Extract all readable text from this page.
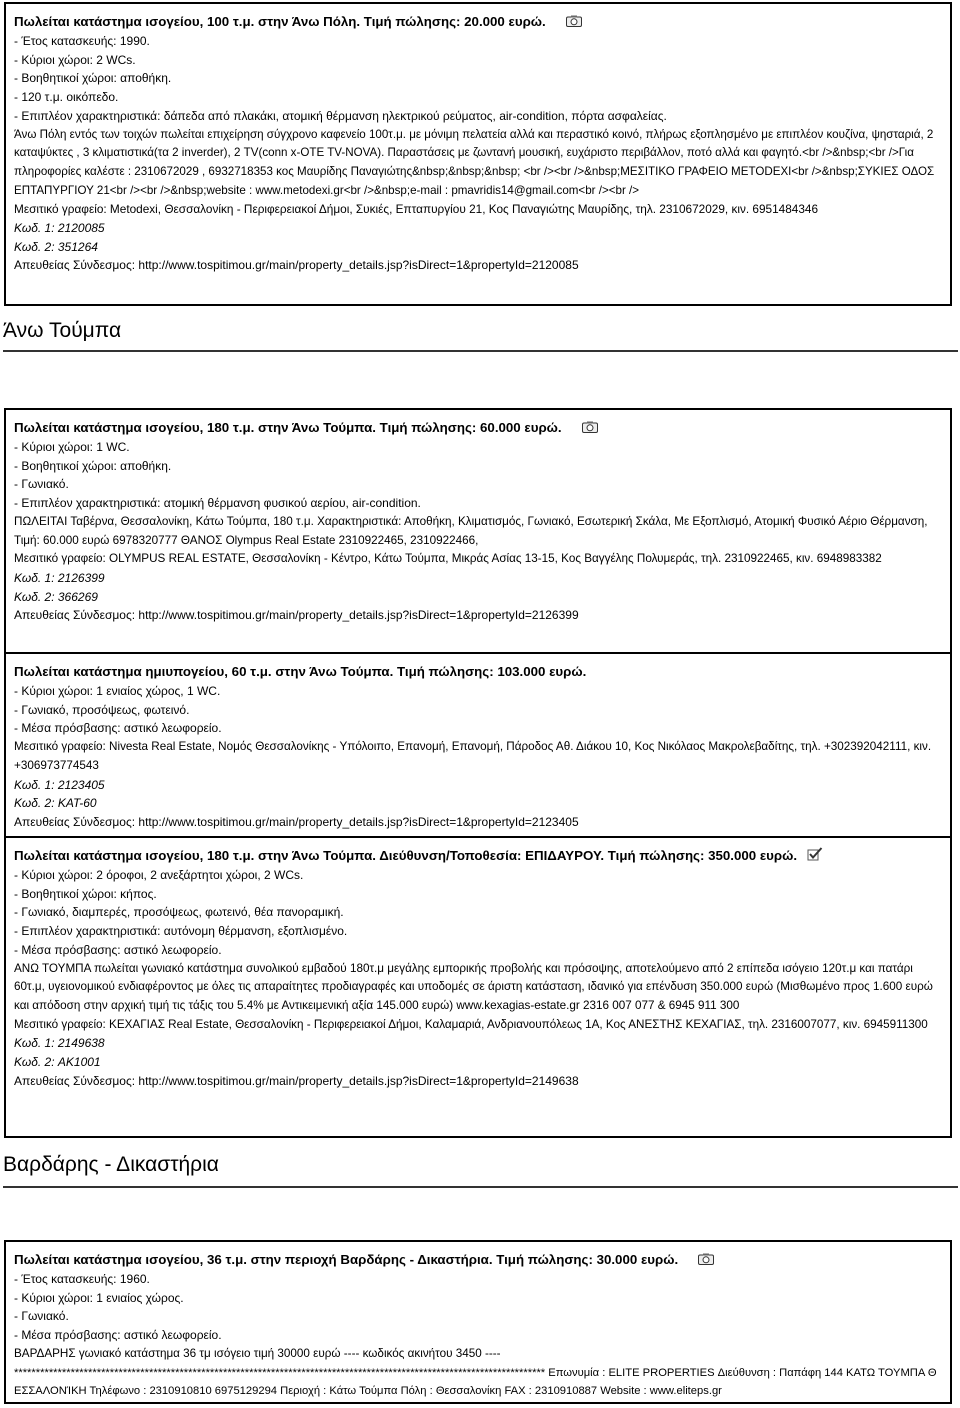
Πωλείται κατάστημα ισογείου, 100 τ.μ. στην Άνω Πόλη. Τιμή πώλησης: 20.000 ευρώ.
- Έτος κατασκευής: 1990.
- Κύριοι χώροι: 2 WCs.
- Βοηθητικοί χώροι: αποθήκη.
- 120 τ.μ. οικόπεδο.
- Επιπλέον χαρακτηριστικά: δάπεδα από πλακάκι, ατομική θέρμανση ηλεκτρικού ρεύματος, air-condition, πόρτα ασφαλείας.
Άνω Πόλη εντός των τοιχών πωλείται επιχείρηση σύγχρονο καφενείο 100τ.μ. με μόνιμη πελατεία αλλά και περαστικό κοινό, πλήρως εξοπλησμένο με επιπλέον κουζίνα, ψησταριά, 2 καταψύκτες , 3 κλιματιστικά(τα 2 inverder), 2 TV(conn x-OTE TV-NOVA). Παραστάσεις με ζωντανή μουσική, ευχάριστο περιβάλλον, ποτό αλλά και φαγητό.<br />&nbsp;<br />Για πληροφορίες καλέστε : 2310672029 , 6932718353 κος Μαυρίδης Παναγιώτης&nbsp;&nbsp;&nbsp; <br /><br />&nbsp;ΜΕΣΙΤΙΚΟ ΓΡΑΦΕΙΟ METODEXI<br />&nbsp;ΣΥΚΙΕΣ ΟΔΟΣ ΕΠΤΑΠΥΡΓΙΟΥ 21<br /><br />&nbsp;website : www.metodexi.gr<br />&nbsp;e-mail : pmavridis14@gmail.com<br /><br />
Μεσιτικό γραφείο: Metodexi, Θεσσαλονίκη - Περιφερειακοί Δήμοι, Συκιές, Επταπυργίου 21, Κος Παναγιώτης Μαυρίδης, τηλ. 2310672029, κιν. 6951484346
Κωδ. 1: 2120085
Κωδ. 2: 351264
Απευθείας Σύνδεσμος: http://www.tospitimou.gr/main/property_details.jsp?isDirect=1&propertyId=2120085
Άνω Τούμπα
Πωλείται κατάστημα ισογείου, 180 τ.μ. στην Άνω Τούμπα. Τιμή πώλησης: 60.000 ευρώ.
- Κύριοι χώροι: 1 WC.
- Βοηθητικοί χώροι: αποθήκη.
- Γωνιακό.
- Επιπλέον χαρακτηριστικά: ατομική θέρμανση φυσικού αερίου, air-condition.
ΠΩΛΕΙΤΑΙ Ταβέρνα, Θεσσαλονίκη, Κάτω Τούμπα, 180 τ.μ. Χαρακτηριστικά: Αποθήκη, Κλιματισμός, Γωνιακό, Εσωτερική Σκάλα, Με Εξοπλισμό, Ατομική Φυσικό Αέριο Θέρμανση, Τιμή: 60.000 ευρώ 6978320777 ΘΑΝΟΣ Olympus Real Estate 2310922465, 2310922466,
Μεσιτικό γραφείο: OLYMPUS REAL ESTATE, Θεσσαλονίκη - Κέντρο, Κάτω Τούμπα, Μικράς Ασίας 13-15, Κος Βαγγέλης Πολυμεράς, τηλ. 2310922465, κιν. 6948983382
Κωδ. 1: 2126399
Κωδ. 2: 366269
Απευθείας Σύνδεσμος: http://www.tospitimou.gr/main/property_details.jsp?isDirect=1&propertyId=2126399
Πωλείται κατάστημα ημιυπογείου, 60 τ.μ. στην Άνω Τούμπα. Τιμή πώλησης: 103.000 ευρώ.
- Κύριοι χώροι: 1 ενιαίος χώρος, 1 WC.
- Γωνιακό, προσόψεως, φωτεινό.
- Μέσα πρόσβασης: αστικό λεωφορείο.
Μεσιτικό γραφείο: Nivesta Real Estate, Νομός Θεσσαλονίκης - Υπόλοιπο, Επανομή, Επανομή, Πάροδος Αθ. Διάκου 10, Κος Νικόλαος Μακρολεβαδίτης, τηλ. +302392042111, κιν. +306973774543
Κωδ. 1: 2123405
Κωδ. 2: KAT-60
Απευθείας Σύνδεσμος: http://www.tospitimou.gr/main/property_details.jsp?isDirect=1&propertyId=2123405
Πωλείται κατάστημα ισογείου, 180 τ.μ. στην Άνω Τούμπα. Διεύθυνση/Τοποθεσία: ΕΠΙΔΑΥΡΟΥ. Τιμή πώλησης: 350.000 ευρώ.
- Κύριοι χώροι: 2 όροφοι, 2 ανεξάρτητοι χώροι, 2 WCs.
- Βοηθητικοί χώροι: κήπος.
- Γωνιακό, διαμπερές, προσόψεως, φωτεινό, θέα πανοραμική.
- Επιπλέον χαρακτηριστικά: αυτόνομη θέρμανση, εξοπλισμένο.
- Μέσα πρόσβασης: αστικό λεωφορείο.
ΑΝΩ ΤΟΥΜΠΑ πωλείται γωνιακό κατάστημα συνολικού εμβαδού 180τ.μ μεγάλης εμπορικής προβολής και πρόσοψης, αποτελούμενο από 2 επίπεδα ισόγειο 120τ.μ και πατάρι 60τ.μ, υγειονομικού ενδιαφέροντος με όλες τις απαραίτητες προδιαγραφές και υποδομές σε άριστη κατάσταση, ιδανικό για επένδυση 350.000 ευρώ (Μισθωμένο προς 1.600 ευρώ και απόδοση στην αρχική τιμή τις τάξις του 5.4% με Αντικειμενική αξία 145.000 ευρώ) www.kexagias-estate.gr 2316 007 077 & 6945 911 300
Μεσιτικό γραφείο: ΚΕΧΑΓΙΑΣ Real Estate, Θεσσαλονίκη - Περιφερειακοί Δήμοι, Καλαμαριά, Ανδριανουπόλεως 1Α, Κος ΑΝΕΣΤΗΣ ΚΕΧΑΓΙΑΣ, τηλ. 2316007077, κιν. 6945911300
Κωδ. 1: 2149638
Κωδ. 2: AK1001
Απευθείας Σύνδεσμος: http://www.tospitimou.gr/main/property_details.jsp?isDirect=1&propertyId=2149638
Βαρδάρης - Δικαστήρια
Πωλείται κατάστημα ισογείου, 36 τ.μ. στην περιοχή Βαρδάρης - Δικαστήρια. Τιμή πώλησης: 30.000 ευρώ.
- Έτος κατασκευής: 1960.
- Κύριοι χώροι: 1 ενιαίος χώρος.
- Γωνιακό.
- Μέσα πρόσβασης: αστικό λεωφορείο.
ΒΑΡΔΑΡΗΣ γωνιακό κατάστημα 36 τμ ισόγειο τιμή 30000 ευρώ ---- κωδικός ακινήτου 3450 ----
************************************************************************************************************************** Επωνυμία : ELITE PROPERTIES Διεύθυνση : Παπάφη 144 ΚΑΤΩ ΤΟΥΜΠΑ ΘΕΣΣΑΛΟΝΊΚΗ Τηλέφωνο : 2310910810 6975129294 Περιοχή : Κάτω Τούμπα Πόλη : Θεσσαλονίκη FAX : 2310910887 Website : www.eliteps.gr
